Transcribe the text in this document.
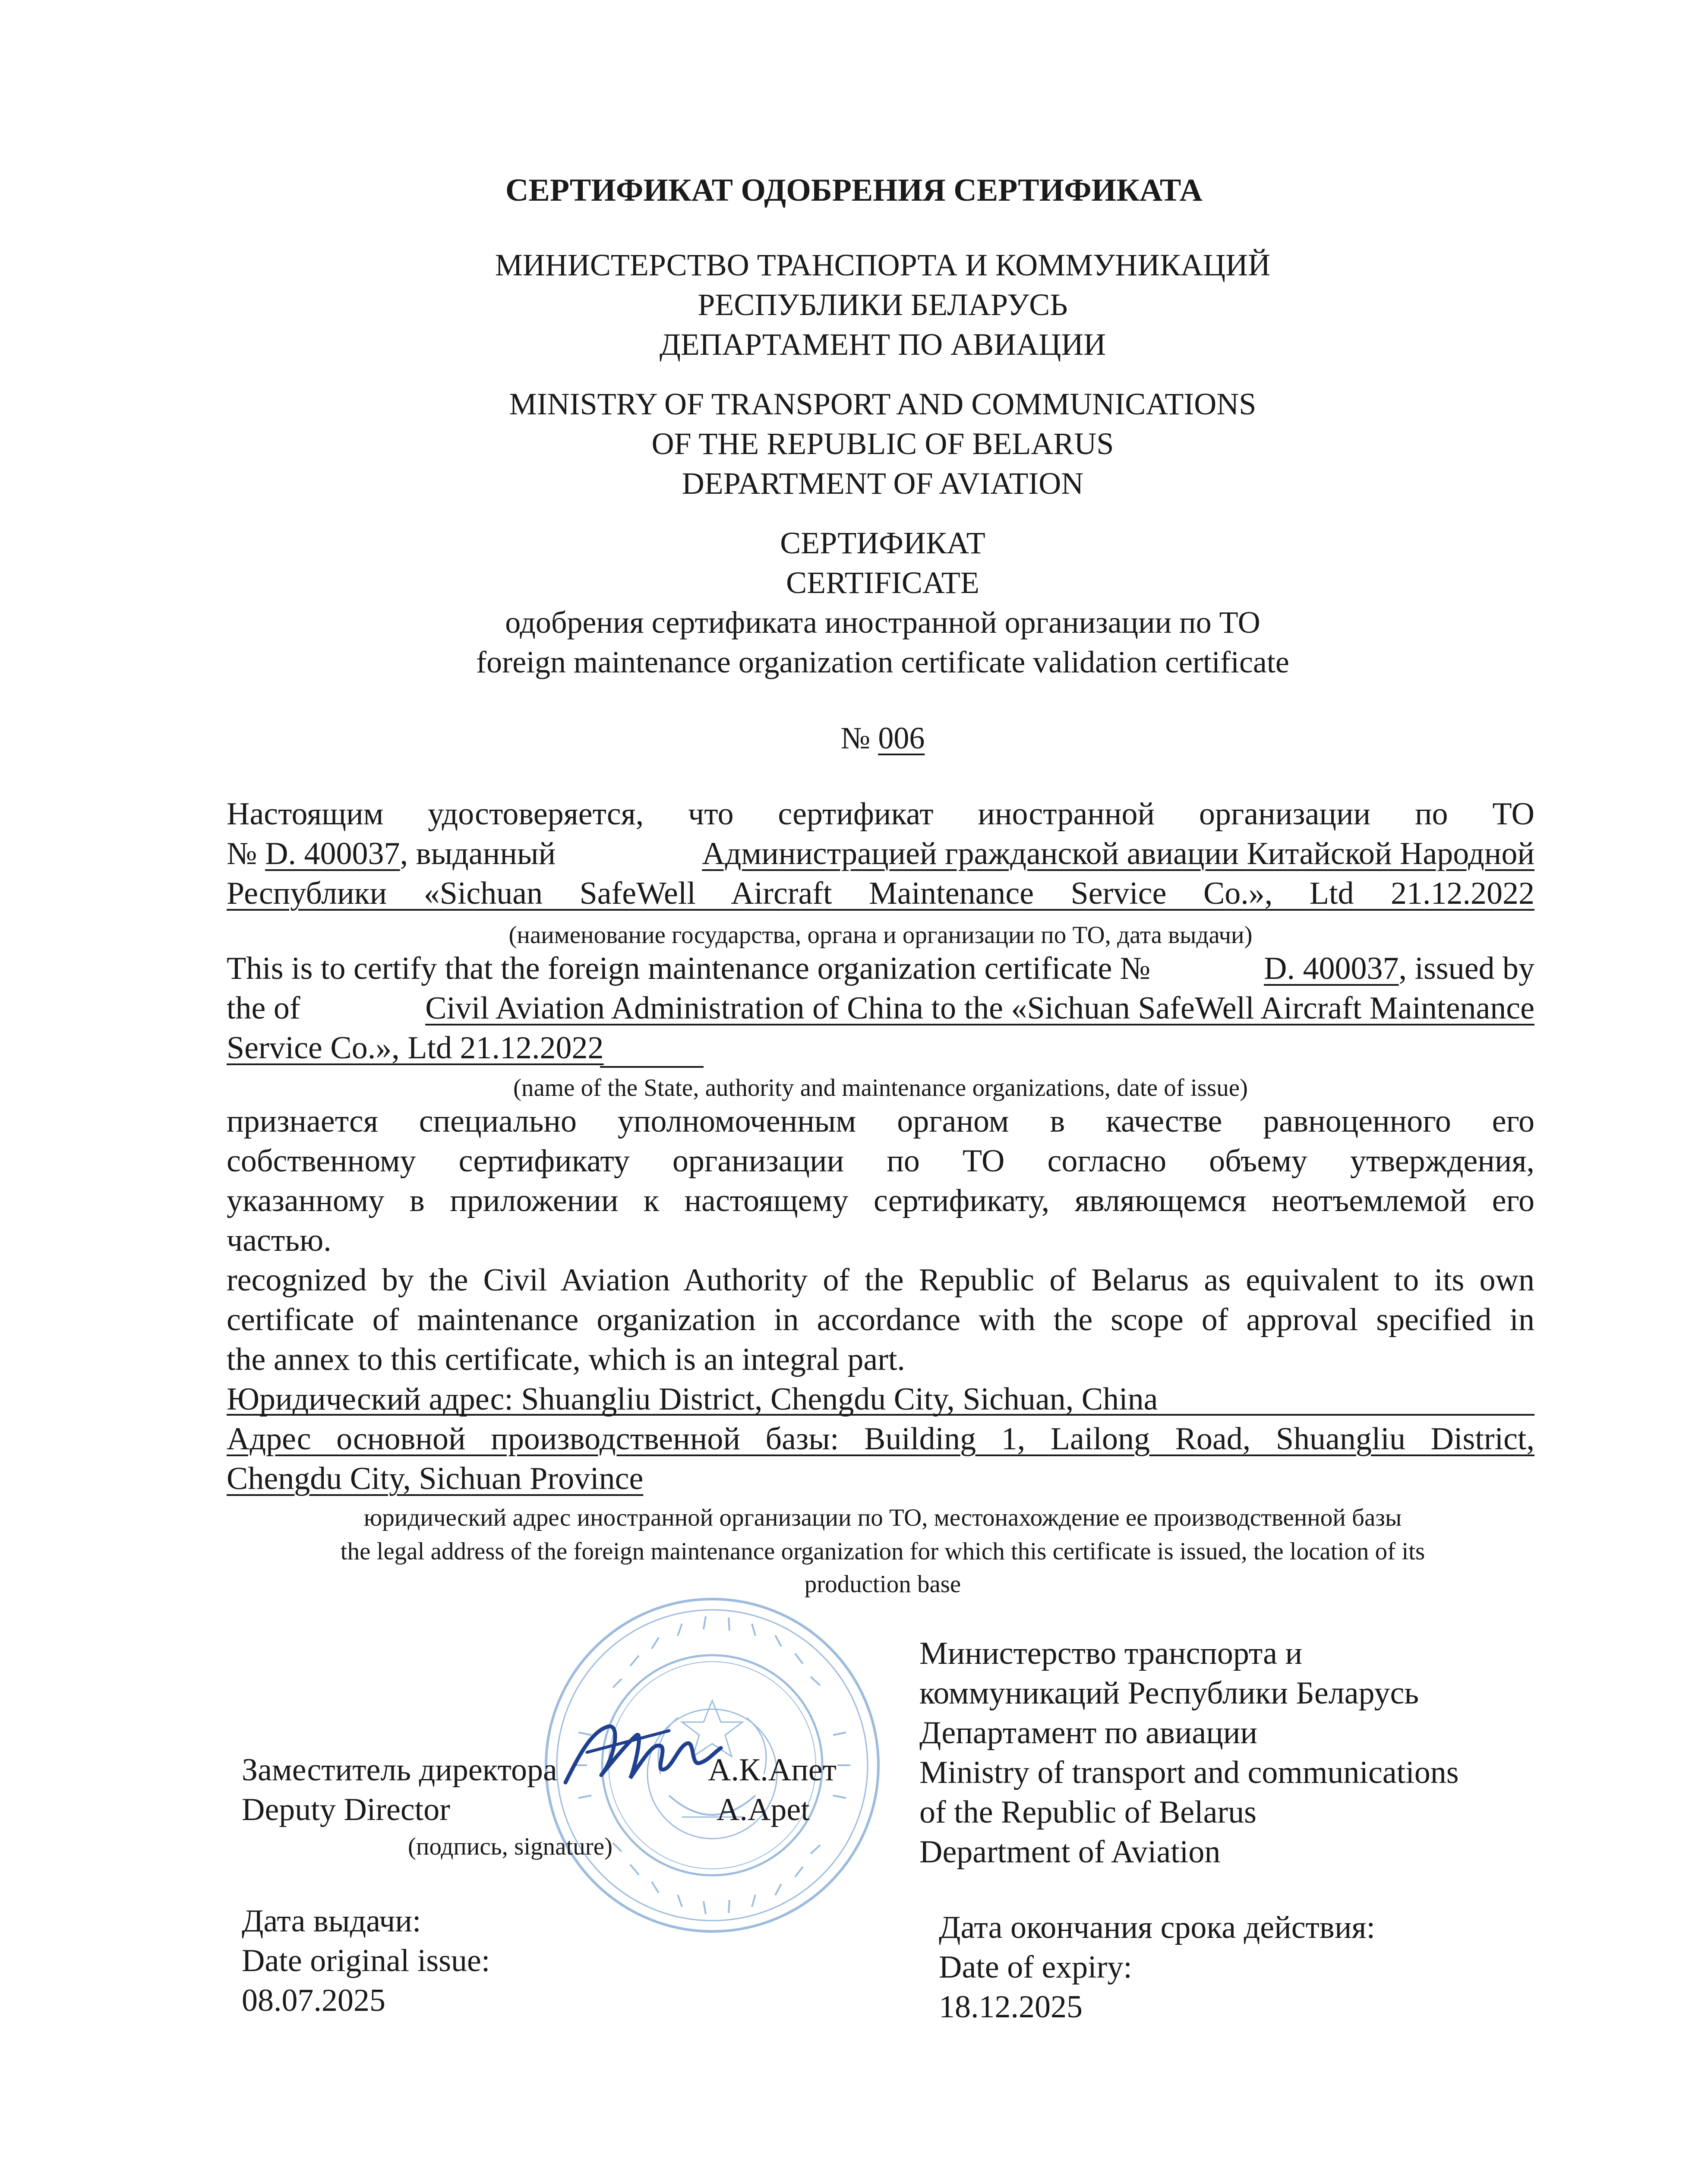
СЕРТИФИКАТ ОДОБРЕНИЯ СЕРТИФИКАТА
МИНИСТЕРСТВО ТРАНСПОРТА И КОММУНИКАЦИЙ
РЕСПУБЛИКИ БЕЛАРУСЬ
ДЕПАРТАМЕНТ ПО АВИАЦИИ
MINISTRY OF TRANSPORT AND COMMUNICATIONS
OF THE REPUBLIC OF BELARUS
DEPARTMENT OF AVIATION
СЕРТИФИКАТ
CERTIFICATE
одобрения сертификата иностранной организации по ТО
foreign maintenance organization certificate validation certificate
№ 006
Настоящим удостоверяется, что сертификат иностранной организации по ТО
№ D. 400037, выданный	Администрацией гражданской авиации Китайской Народной
Республики «Sichuan SafeWell Aircraft Maintenance Service Co.», Ltd 21.12.2022
(наименование государства, органа и организации по ТО, дата выдачи)
This is to certify that the foreign maintenance organization certificate №	D. 400037, issued by
the of	Civil Aviation Administration of China to the «Sichuan SafeWell Aircraft Maintenance
Service Co.», Ltd 21.12.2022
(name of the State, authority and maintenance organizations, date of issue)
признается специально уполномоченным органом в качестве равноценного его
собственному сертификату организации по ТО согласно объему утверждения,
указанному в приложении к настоящему сертификату, являющемся неотъемлемой его
частью.
recognized by the Civil Aviation Authority of the Republic of Belarus as equivalent to its own
certificate of maintenance organization in accordance with the scope of approval specified in
the annex to this certificate, which is an integral part.
Юридический адрес: Shuangliu District, Chengdu City, Sichuan, China
Адрес основной производственной базы: Building 1, Lailong Road, Shuangliu District,
Chengdu City, Sichuan Province
юридический адрес иностранной организации по ТО, местонахождение ее производственной базы
the legal address of the foreign maintenance organization for which this certificate is issued, the location of its
production base
Заместитель директора
Deputy Director
А.К.Апет
A.Apet
(подпись, signature)
Министерство транспорта и
коммуникаций Республики Беларусь
Департамент по авиации
Ministry of transport and communications
of the Republic of Belarus
Department of Aviation
Дата выдачи:
Date original issue:
08.07.2025
Дата окончания срока действия:
Date of expiry:
18.12.2025
